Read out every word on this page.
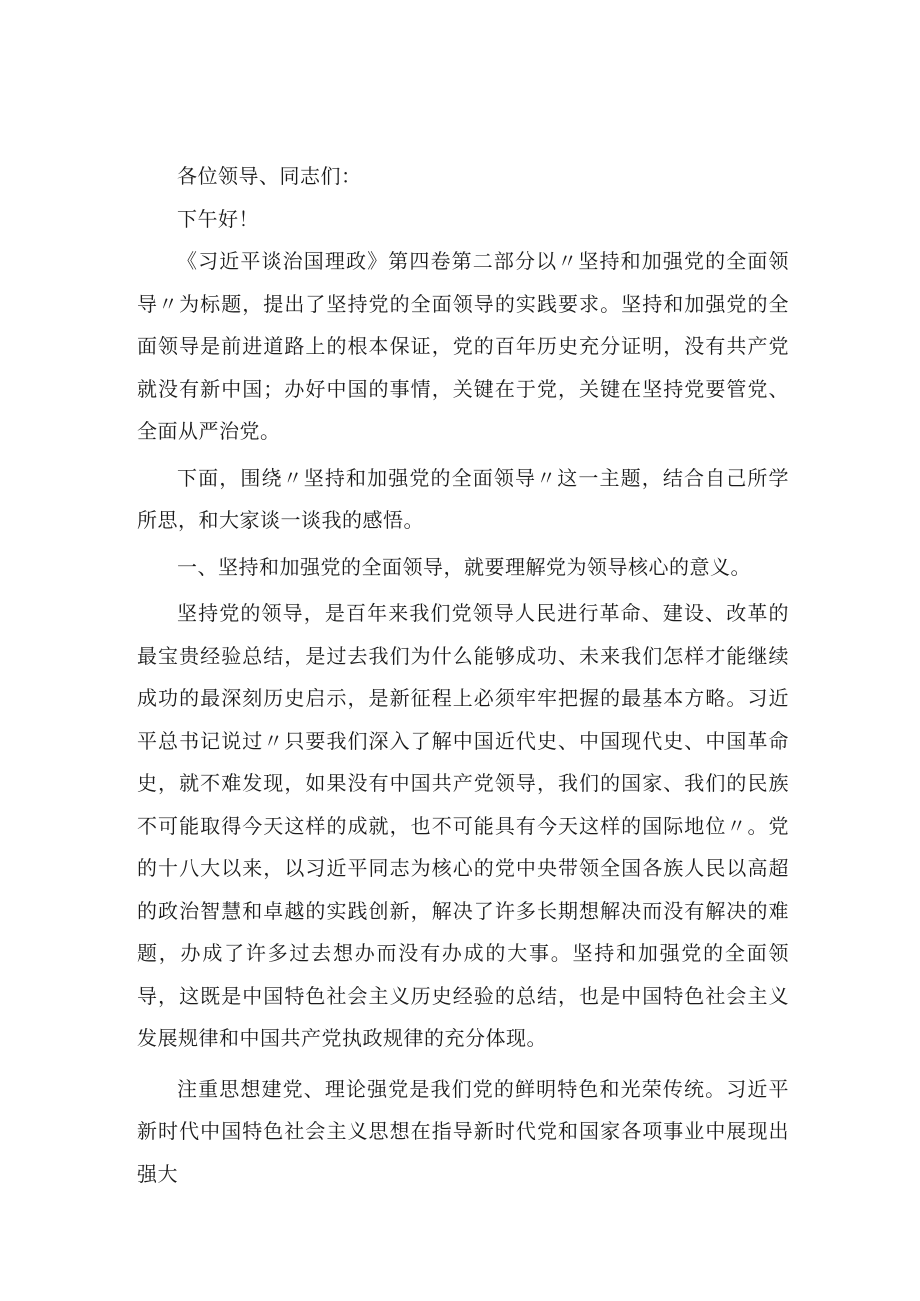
各位领导、同志们：

下午好！

《习近平谈治国理政》第四卷第二部分以〃坚持和加强党的全面领导〃为标题，提出了坚持党的全面领导的实践要求。坚持和加强党的全面领导是前进道路上的根本保证，党的百年历史充分证明，没有共产党就没有新中国；办好中国的事情，关键在于党，关键在坚持党要管党、全面从严治党。

下面，围绕〃坚持和加强党的全面领导〃这一主题，结合自己所学所思，和大家谈一谈我的感悟。

一、坚持和加强党的全面领导，就要理解党为领导核心的意义。

坚持党的领导，是百年来我们党领导人民进行革命、建设、改革的最宝贵经验总结，是过去我们为什么能够成功、未来我们怎样才能继续成功的最深刻历史启示，是新征程上必须牢牢把握的最基本方略。习近平总书记说过〃只要我们深入了解中国近代史、中国现代史、中国革命史，就不难发现，如果没有中国共产党领导，我们的国家、我们的民族不可能取得今天这样的成就，也不可能具有今天这样的国际地位〃。党的十八大以来，以习近平同志为核心的党中央带领全国各族人民以高超的政治智慧和卓越的实践创新，解决了许多长期想解决而没有解决的难题，办成了许多过去想办而没有办成的大事。坚持和加强党的全面领导，这既是中国特色社会主义历史经验的总结，也是中国特色社会主义发展规律和中国共产党执政规律的充分体现。

注重思想建党、理论强党是我们党的鲜明特色和光荣传统。习近平新时代中国特色社会主义思想在指导新时代党和国家各项事业中展现出强大
